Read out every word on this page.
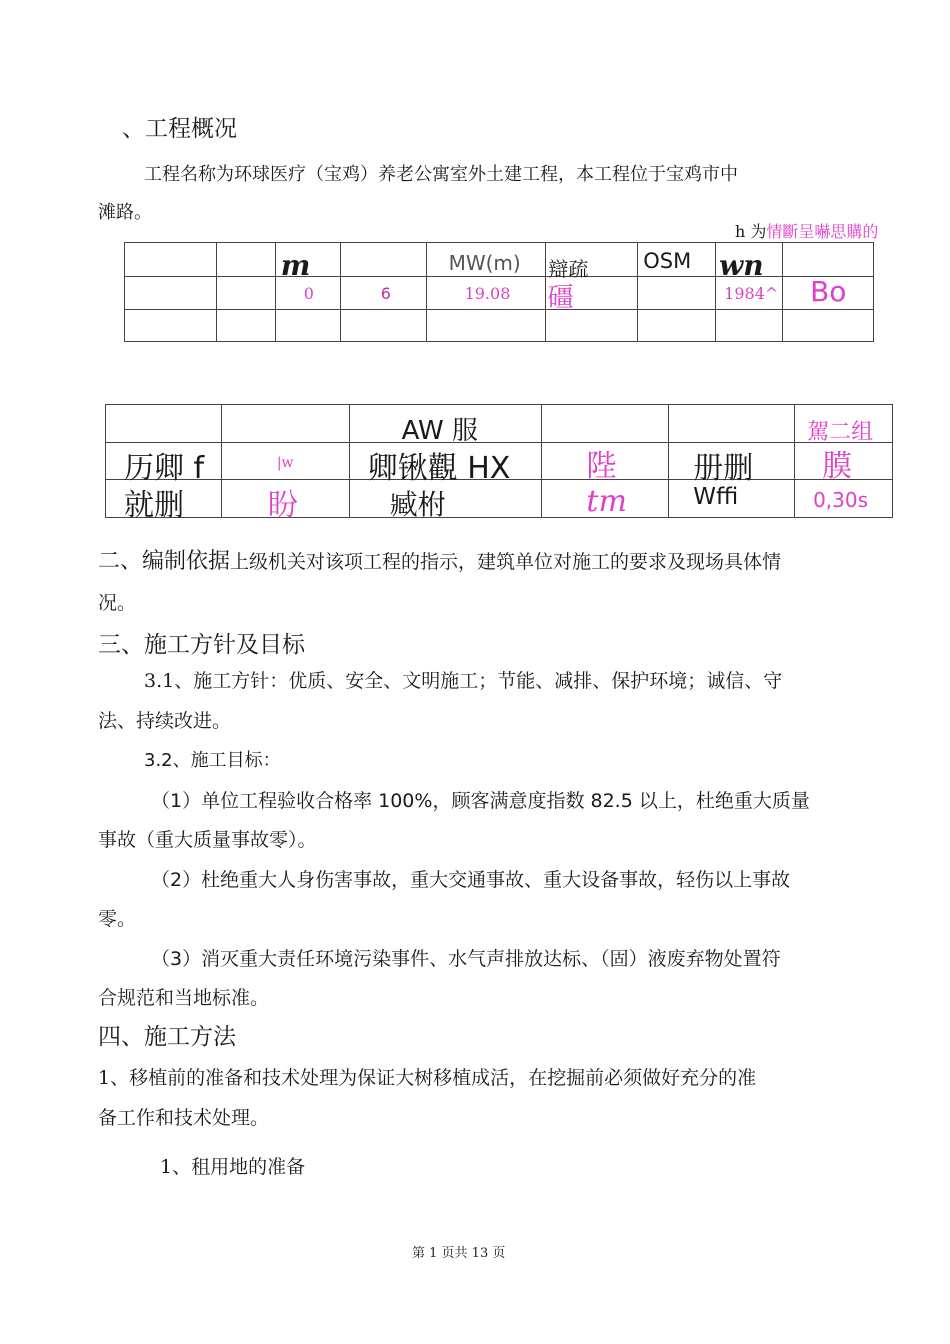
、工程概况
工程名称为环球医疗（宝鸡）养老公寓室外土建工程，本工程位于宝鸡市中
滩路。
h 为情斷呈嚇思購的

		m		MW(m)	辯疏	OSM	wn	

		0	6	19.08	礓		1984^	Bo

		AW 服			駕二组

历卿 f	|w	卿锹觀 HX	陛	册删	膜

就删	盼	臧柎	tm	Wffi	0,30s
二、编制依据上级机关对该项工程的指示，建筑单位对施工的要求及现场具体情
况。
三、施工方针及目标
3.1、施工方针：优质、安全、文明施工；节能、减排、保护环境；诚信、守
法、持续改进。
3.2、施工目标：
（1）单位工程验收合格率 100%，顾客满意度指数 82.5 以上，杜绝重大质量
事故（重大质量事故零）。
（2）杜绝重大人身伤害事故，重大交通事故、重大设备事故，轻伤以上事故
零。
（3）消灭重大责任环境污染事件、水气声排放达标、（固）液废弃物处置符
合规范和当地标准。
四、施工方法
1、移植前的准备和技术处理为保证大树移植成活，在挖掘前必须做好充分的准
备工作和技术处理。
1、租用地的准备
第 1 页共 13 页
